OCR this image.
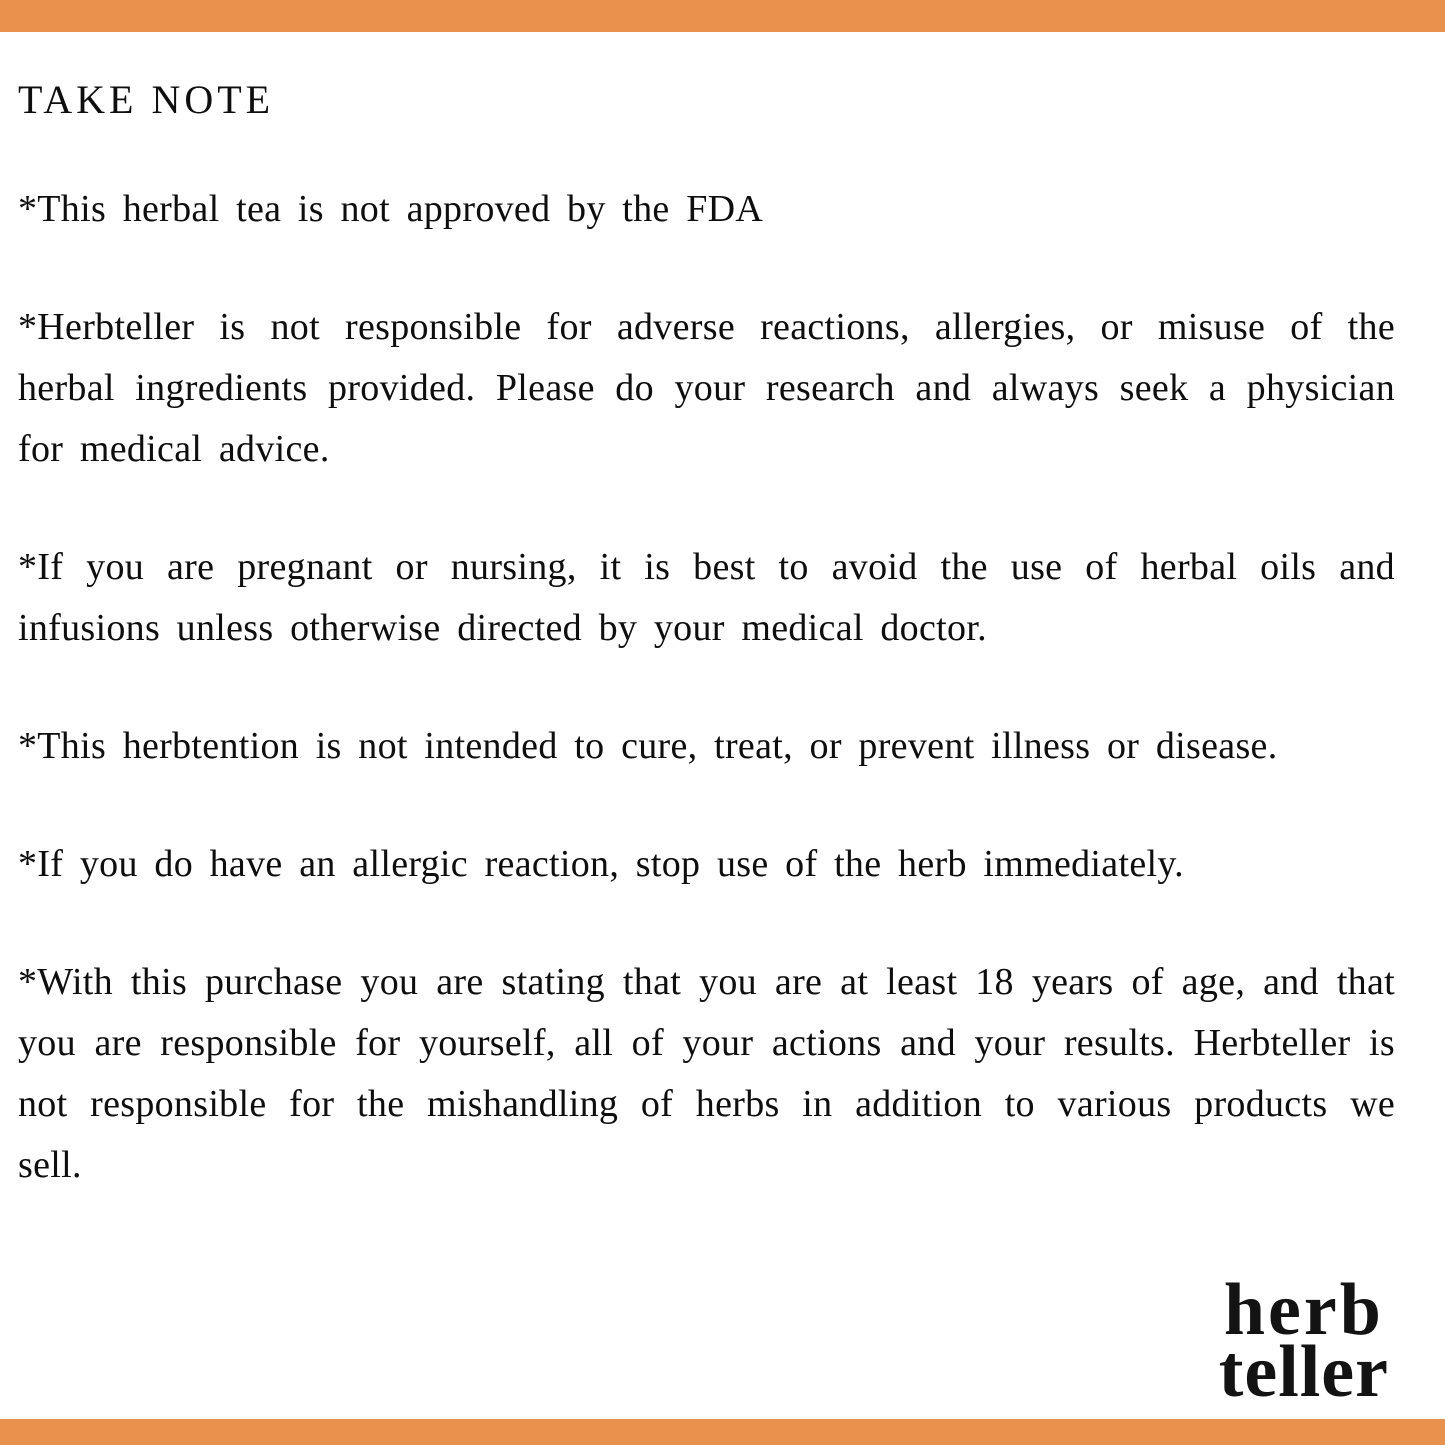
TAKE NOTE

*This herbal tea is not approved by the FDA

*Herbteller is not responsible for adverse reactions, allergies, or misuse of the herbal ingredients provided. Please do your research and always seek a physician for medical advice.

*If you are pregnant or nursing, it is best to avoid the use of herbal oils and infusions unless otherwise directed by your medical doctor.

*This herbtention is not intended to cure, treat, or prevent illness or disease.

*If you do have an allergic reaction, stop use of the herb immediately.

*With this purchase you are stating that you are at least 18 years of age, and that you are responsible for yourself, all of your actions and your results. Herbteller is not responsible for the mishandling of herbs in addition to various products we sell.

herb
teller
